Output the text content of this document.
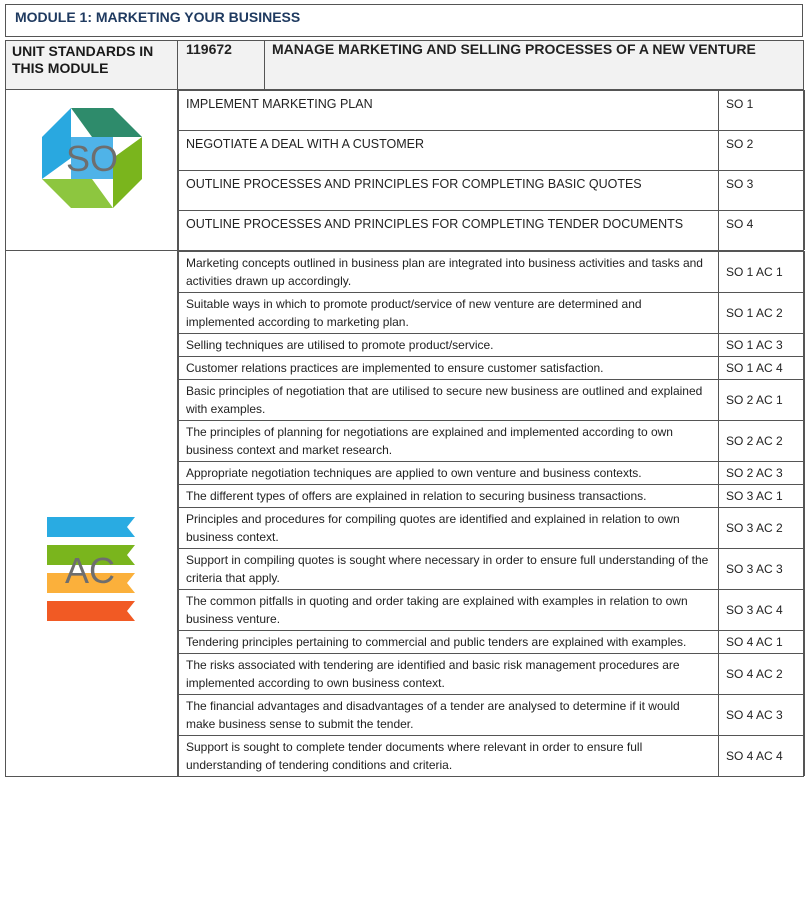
MODULE 1: MARKETING YOUR BUSINESS
UNIT STANDARDS IN THIS MODULE	119672	MANAGE MARKETING AND SELLING PROCESSES OF A NEW VENTURE

SO

IMPLEMENT MARKETING PLAN	SO 1
NEGOTIATE A DEAL WITH A CUSTOMER	SO 2
OUTLINE PROCESSES AND PRINCIPLES FOR COMPLETING BASIC QUOTES	SO 3
OUTLINE PROCESSES AND PRINCIPLES FOR COMPLETING TENDER DOCUMENTS	SO 4

AC

Marketing concepts outlined in business plan are integrated into business activities and tasks and activities drawn up accordingly.	SO 1 AC 1
Suitable ways in which to promote product/service of new venture are determined and implemented according to marketing plan.	SO 1 AC 2
Selling techniques are utilised to promote product/service.	SO 1 AC 3
Customer relations practices are implemented to ensure customer satisfaction.	SO 1 AC 4
Basic principles of negotiation that are utilised to secure new business are outlined and explained with examples.	SO 2 AC 1
The principles of planning for negotiations are explained and implemented according to own business context and market research.	SO 2 AC 2
Appropriate negotiation techniques are applied to own venture and business contexts.	SO 2 AC 3
The different types of offers are explained in relation to securing business transactions.	SO 3 AC 1
Principles and procedures for compiling quotes are identified and explained in relation to own business context.	SO 3 AC 2
Support in compiling quotes is sought where necessary in order to ensure full understanding of the criteria that apply.	SO 3 AC 3
The common pitfalls in quoting and order taking are explained with examples in relation to own business venture.	SO 3 AC 4
Tendering principles pertaining to commercial and public tenders are explained with examples.	SO 4 AC 1
The risks associated with tendering are identified and basic risk management procedures are implemented according to own business context.	SO 4 AC 2
The financial advantages and disadvantages of a tender are analysed to determine if it would make business sense to submit the tender.	SO 4 AC 3
Support is sought to complete tender documents where relevant in order to ensure full understanding of tendering conditions and criteria.	SO 4 AC 4
